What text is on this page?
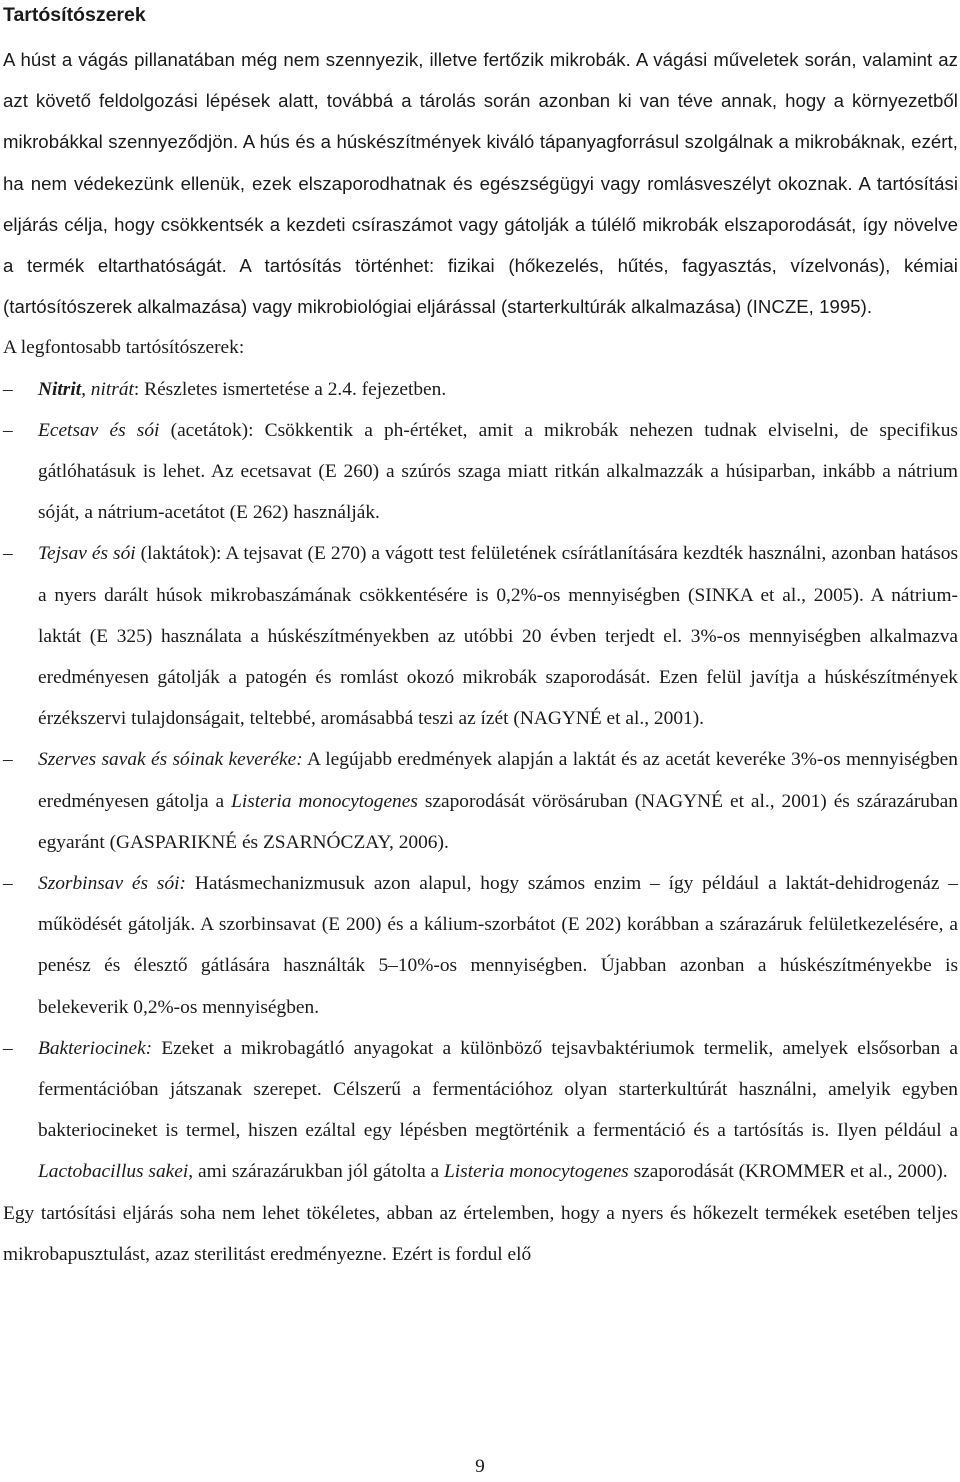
Tartósítószerek

A húst a vágás pillanatában még nem szennyezik, illetve fertőzik mikrobák. A vágási műveletek során, valamint az azt követő feldolgozási lépések alatt, továbbá a tárolás során azonban ki van téve annak, hogy a környezetből mikrobákkal szennyeződjön. A hús és a húskészítmények kiváló tápanyagforrásul szolgálnak a mikrobáknak, ezért, ha nem védekezünk ellenük, ezek elszaporodhatnak és egészségügyi vagy romlásveszélyt okoznak. A tartósítási eljárás célja, hogy csökkentsék a kezdeti csíraszámot vagy gátolják a túlélő mikrobák elszaporodását, így növelve a termék eltarthatóságát. A tartósítás történhet: fizikai (hőkezelés, hűtés, fagyasztás, vízelvonás), kémiai (tartósítószerek alkalmazása) vagy mikrobiológiai eljárással (starterkultúrák alkalmazása) (INCZE, 1995).

A legfontosabb tartósítószerek:

–	Nitrit, nitrát: Részletes ismertetése a 2.4. fejezetben.
–	Ecetsav és sói (acetátok): Csökkentik a ph-értéket, amit a mikrobák nehezen tudnak elviselni, de specifikus gátlóhatásuk is lehet. Az ecetsavat (E 260) a szúrós szaga miatt ritkán alkalmazzák a húsiparban, inkább a nátrium sóját, a nátrium-acetátot (E 262) használják.
–	Tejsav és sói (laktátok): A tejsavat (E 270) a vágott test felületének csírátlanítására kezdték használni, azonban hatásos a nyers darált húsok mikrobaszámának csökkentésére is 0,2%-os mennyiségben (SINKA et al., 2005). A nátrium-laktát (E 325) használata a húskészítményekben az utóbbi 20 évben terjedt el. 3%-os mennyiségben alkalmazva eredményesen gátolják a patogén és romlást okozó mikrobák szaporodását. Ezen felül javítja a húskészítmények érzékszervi tulajdonságait, teltebbé, aromásabbá teszi az ízét (NAGYNÉ et al., 2001).
–	Szerves savak és sóinak keveréke: A legújabb eredmények alapján a laktát és az acetát keveréke 3%-os mennyiségben eredményesen gátolja a Listeria monocytogenes szaporodását vörösáruban (NAGYNÉ et al., 2001) és szárazáruban egyaránt (GASPARIKNÉ és ZSARNÓCZAY, 2006).
–	Szorbinsav és sói: Hatásmechanizmusuk azon alapul, hogy számos enzim – így például a laktát-dehidrogenáz – működését gátolják. A szorbinsavat (E 200) és a kálium-szorbátot (E 202) korábban a szárazáruk felületkezelésére, a penész és élesztő gátlására használták 5–10%-os mennyiségben. Újabban azonban a húskészítményekbe is belekeverik 0,2%-os mennyiségben.
–	Bakteriocinek: Ezeket a mikrobagátló anyagokat a különböző tejsavbaktériumok termelik, amelyek elsősorban a fermentációban játszanak szerepet. Célszerű a fermentációhoz olyan starterkultúrát használni, amelyik egyben bakteriocineket is termel, hiszen ezáltal egy lépésben megtörténik a fermentáció és a tartósítás is. Ilyen például a Lactobacillus sakei, ami szárazárukban jól gátolta a Listeria monocytogenes szaporodását (KROMMER et al., 2000).

Egy tartósítási eljárás soha nem lehet tökéletes, abban az értelemben, hogy a nyers és hőkezelt termékek esetében teljes mikrobapusztulást, azaz sterilitást eredményezne. Ezért is fordul elő

9
